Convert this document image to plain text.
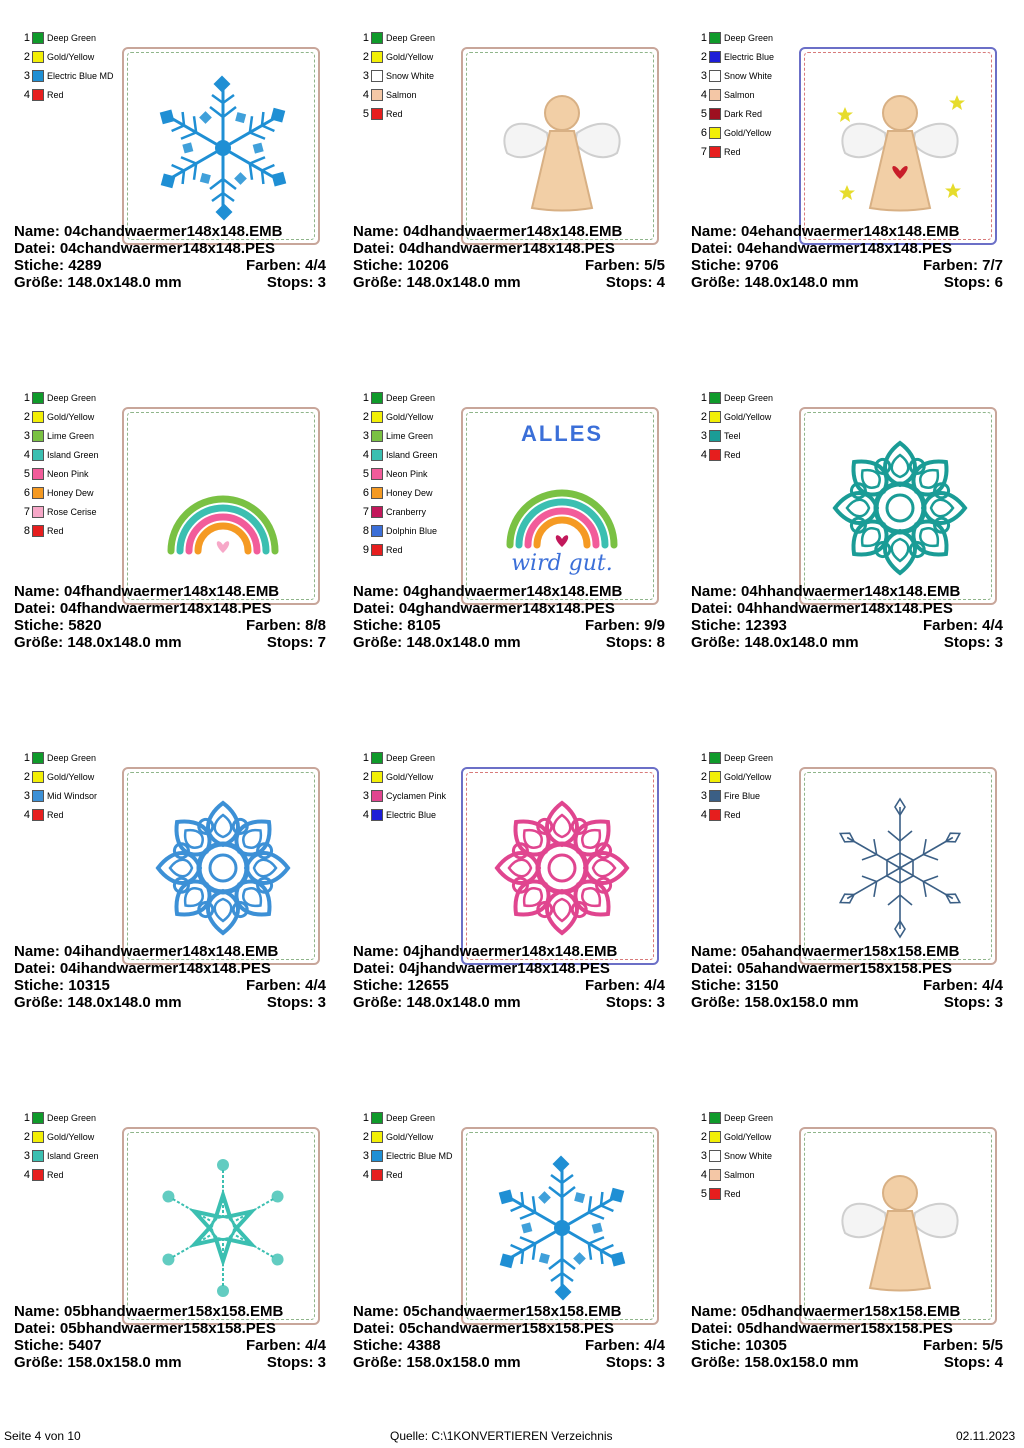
1 Deep Green
2 Gold/Yellow
3 Electric Blue MD
4 Red
Name: 04chandwaermer148x148.EMB
Datei: 04chandwaermer148x148.PES
Stiche: 4289	Farben: 4/4
Größe: 148.0x148.0 mm	Stops: 3
1 Deep Green
2 Gold/Yellow
3 Snow White
4 Salmon
5 Red
Name: 04dhandwaermer148x148.EMB
Datei: 04dhandwaermer148x148.PES
Stiche: 10206	Farben: 5/5
Größe: 148.0x148.0 mm	Stops: 4
1 Deep Green
2 Electric Blue
3 Snow White
4 Salmon
5 Dark Red
6 Gold/Yellow
7 Red
Name: 04ehandwaermer148x148.EMB
Datei: 04ehandwaermer148x148.PES
Stiche: 9706	Farben: 7/7
Größe: 148.0x148.0 mm	Stops: 6
1 Deep Green
2 Gold/Yellow
3 Lime Green
4 Island Green
5 Neon Pink
6 Honey Dew
7 Rose Cerise
8 Red
Name: 04fhandwaermer148x148.EMB
Datei: 04fhandwaermer148x148.PES
Stiche: 5820	Farben: 8/8
Größe: 148.0x148.0 mm	Stops: 7
1 Deep Green
2 Gold/Yellow
3 Lime Green
4 Island Green
5 Neon Pink
6 Honey Dew
7 Cranberry
8 Dolphin Blue
9 Red
ALLES
wird gut.
Name: 04ghandwaermer148x148.EMB
Datei: 04ghandwaermer148x148.PES
Stiche: 8105	Farben: 9/9
Größe: 148.0x148.0 mm	Stops: 8
1 Deep Green
2 Gold/Yellow
3 Teel
4 Red
Name: 04hhandwaermer148x148.EMB
Datei: 04hhandwaermer148x148.PES
Stiche: 12393	Farben: 4/4
Größe: 148.0x148.0 mm	Stops: 3
1 Deep Green
2 Gold/Yellow
3 Mid Windsor
4 Red
Name: 04ihandwaermer148x148.EMB
Datei: 04ihandwaermer148x148.PES
Stiche: 10315	Farben: 4/4
Größe: 148.0x148.0 mm	Stops: 3
1 Deep Green
2 Gold/Yellow
3 Cyclamen Pink
4 Electric Blue
Name: 04jhandwaermer148x148.EMB
Datei: 04jhandwaermer148x148.PES
Stiche: 12655	Farben: 4/4
Größe: 148.0x148.0 mm	Stops: 3
1 Deep Green
2 Gold/Yellow
3 Fire Blue
4 Red
Name: 05ahandwaermer158x158.EMB
Datei: 05ahandwaermer158x158.PES
Stiche: 3150	Farben: 4/4
Größe: 158.0x158.0 mm	Stops: 3
1 Deep Green
2 Gold/Yellow
3 Island Green
4 Red
Name: 05bhandwaermer158x158.EMB
Datei: 05bhandwaermer158x158.PES
Stiche: 5407	Farben: 4/4
Größe: 158.0x158.0 mm	Stops: 3
1 Deep Green
2 Gold/Yellow
3 Electric Blue MD
4 Red
Name: 05chandwaermer158x158.EMB
Datei: 05chandwaermer158x158.PES
Stiche: 4388	Farben: 4/4
Größe: 158.0x158.0 mm	Stops: 3
1 Deep Green
2 Gold/Yellow
3 Snow White
4 Salmon
5 Red
Name: 05dhandwaermer158x158.EMB
Datei: 05dhandwaermer158x158.PES
Stiche: 10305	Farben: 5/5
Größe: 158.0x158.0 mm	Stops: 4
Seite 4 von 10	Quelle: C:\1KONVERTIEREN Verzeichnis	02.11.2023
